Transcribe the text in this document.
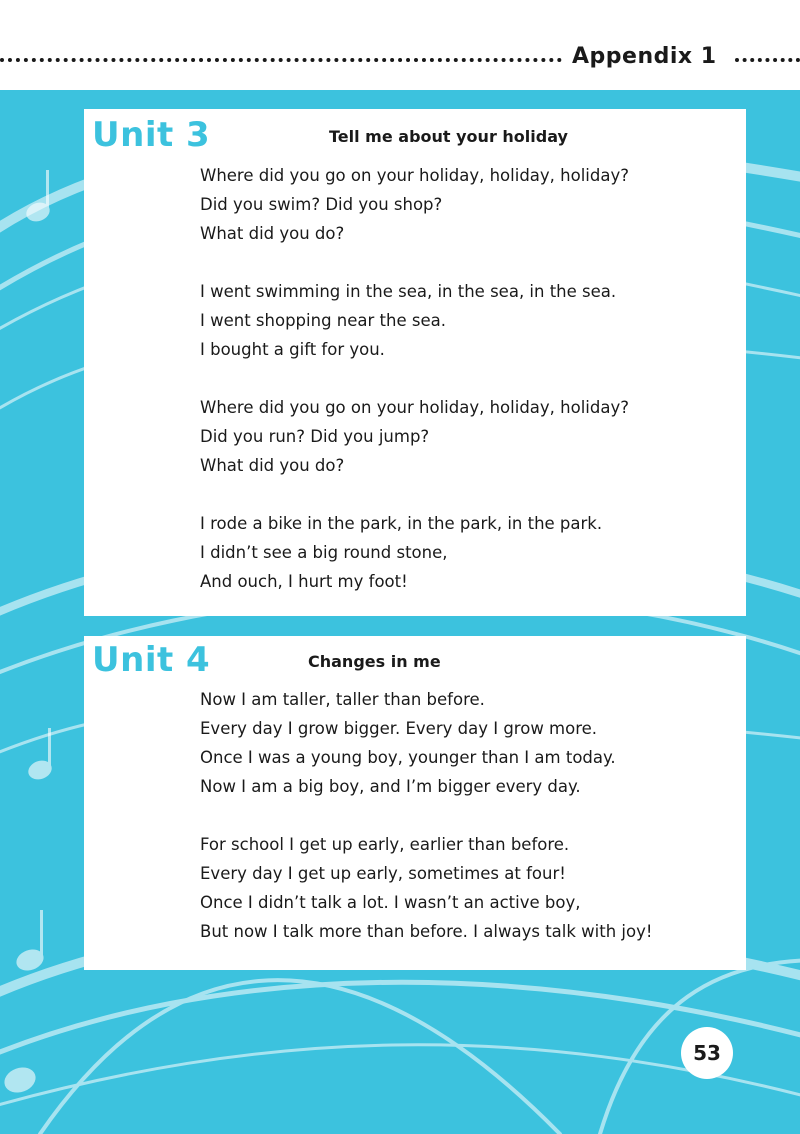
Appendix 1
Unit 3	Tell me about your holiday
Where did you go on your holiday, holiday, holiday?
Did you swim? Did you shop?
What did you do?
I went swimming in the sea, in the sea, in the sea.
I went shopping near the sea.
I bought a gift for you.
Where did you go on your holiday, holiday, holiday?
Did you run? Did you jump?
What did you do?
I rode a bike in the park, in the park, in the park.
I didn’t see a big round stone,
And ouch, I hurt my foot!
Unit 4	Changes in me
Now I am taller, taller than before.
Every day I grow bigger. Every day I grow more.
Once I was a young boy, younger than I am today.
Now I am a big boy, and I’m bigger every day.
For school I get up early, earlier than before.
Every day I get up early, sometimes at four!
Once I didn’t talk a lot. I wasn’t an active boy,
But now I talk more than before. I always talk with joy!
53
